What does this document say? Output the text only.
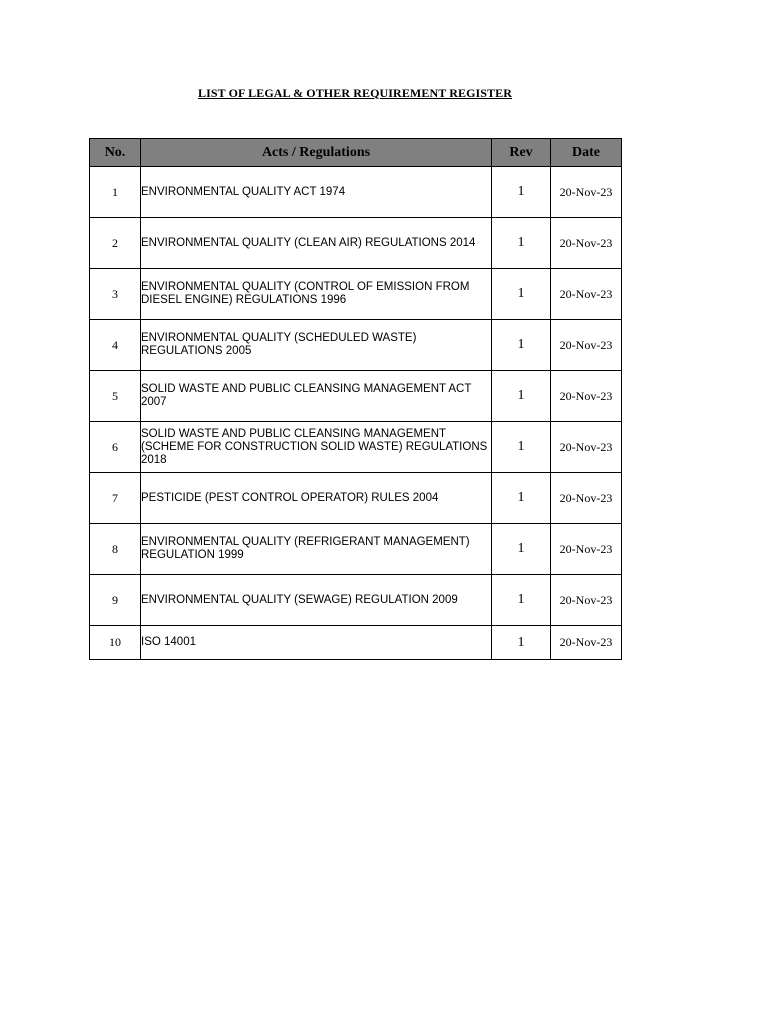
LIST OF LEGAL & OTHER REQUIREMENT REGISTER
No.	Acts / Regulations	Rev	Date
1	ENVIRONMENTAL QUALITY ACT 1974	1	20-Nov-23
2	ENVIRONMENTAL QUALITY (CLEAN AIR) REGULATIONS 2014	1	20-Nov-23
3	ENVIRONMENTAL QUALITY (CONTROL OF EMISSION FROM DIESEL ENGINE) REGULATIONS 1996	1	20-Nov-23
4	ENVIRONMENTAL QUALITY (SCHEDULED WASTE) REGULATIONS 2005	1	20-Nov-23
5	SOLID WASTE AND PUBLIC CLEANSING MANAGEMENT ACT 2007	1	20-Nov-23
6	SOLID WASTE AND PUBLIC CLEANSING MANAGEMENT (SCHEME FOR CONSTRUCTION SOLID WASTE) REGULATIONS 2018	1	20-Nov-23
7	PESTICIDE (PEST CONTROL OPERATOR) RULES 2004	1	20-Nov-23
8	ENVIRONMENTAL QUALITY (REFRIGERANT MANAGEMENT) REGULATION 1999	1	20-Nov-23
9	ENVIRONMENTAL QUALITY (SEWAGE) REGULATION 2009	1	20-Nov-23
10	ISO 14001	1	20-Nov-23
